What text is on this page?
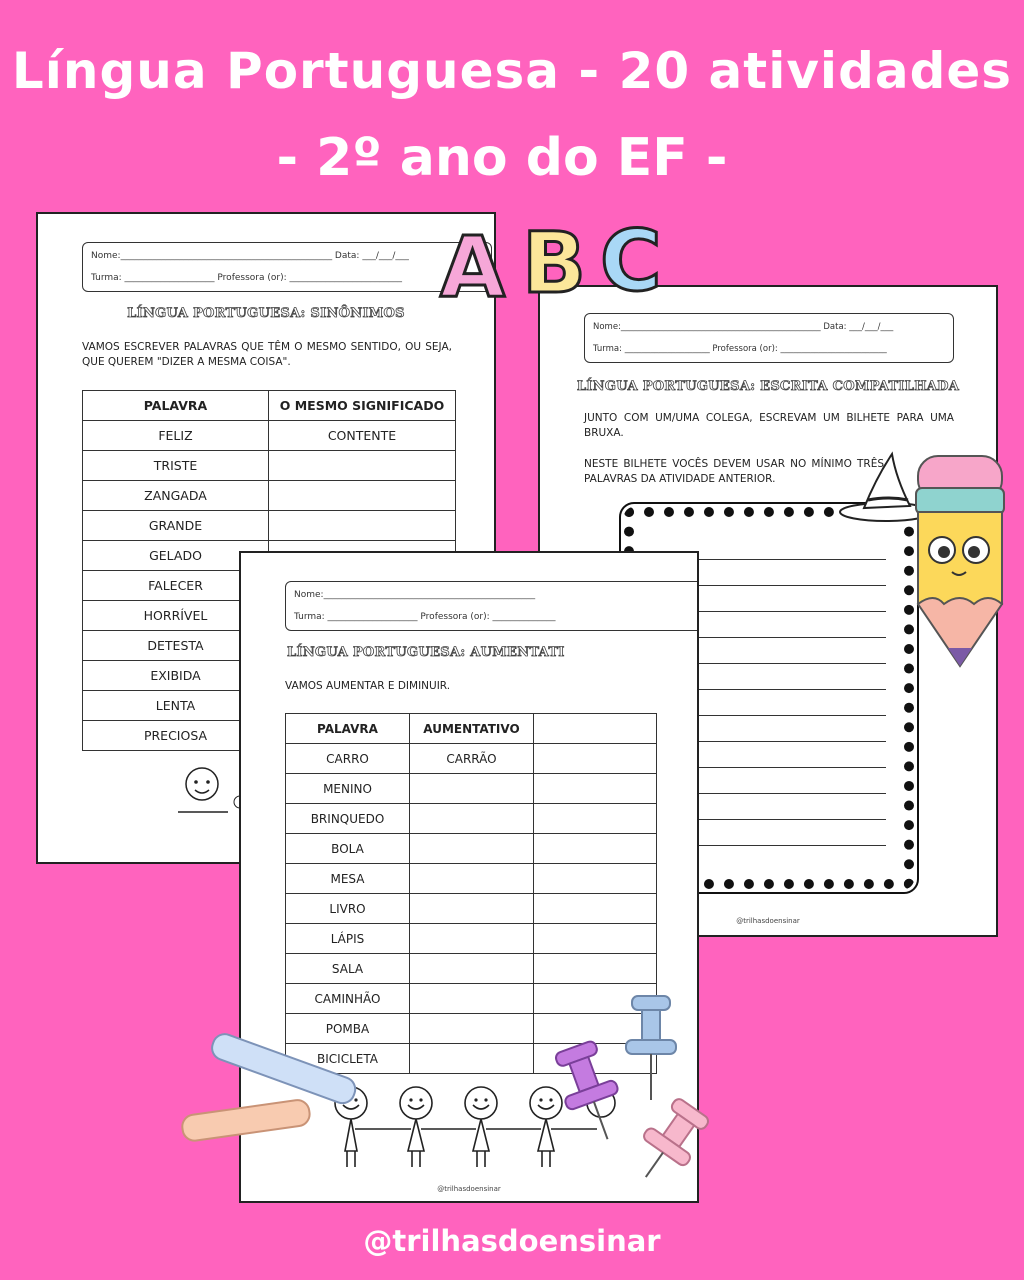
Língua Portuguesa - 20 atividades
- 2º ano do EF -
Nome:_______________________________________________ Data: ___/___/___
Turma: ____________________ Professora (or): _________________________
LÍNGUA PORTUGUESA: SINÔNIMOS
VAMOS ESCREVER PALAVRAS QUE TÊM O MESMO SENTIDO, OU SEJA, QUE QUEREM "DIZER A MESMA COISA".
PALAVRA	O MESMO SIGNIFICADO
FELIZ	CONTENTE
TRISTE	
ZANGADA	
GRANDE	
GELADO	
FALECER	
HORRÍVEL	
DETESTA	
EXIBIDA	
LENTA	
PRECIOSA	
Nome:_______________________________________________ Data: ___/___/___
Turma: ____________________ Professora (or): _________________________
LÍNGUA PORTUGUESA: ESCRITA COMPATILHADA
JUNTO COM UM/UMA COLEGA, ESCREVAM UM BILHETE PARA UMA BRUXA.
NESTE BILHETE VOCÊS DEVEM USAR NO MÍNIMO TRÊS PALAVRAS DA ATIVIDADE ANTERIOR.
@trilhasdoensinar
Nome:_______________________________________________
Turma: ____________________ Professora (or): ______________
LÍNGUA PORTUGUESA: AUMENTATI
VAMOS AUMENTAR E DIMINUIR.
PALAVRA	AUMENTATIVO	
CARRO	CARRÃO	
MENINO		
BRINQUEDO		
BOLA		
MESA		
LIVRO		
LÁPIS		
SALA		
CAMINHÃO		
POMBA		
BICICLETA		
@trilhasdoensinar
A B C
@trilhasdoensinar
